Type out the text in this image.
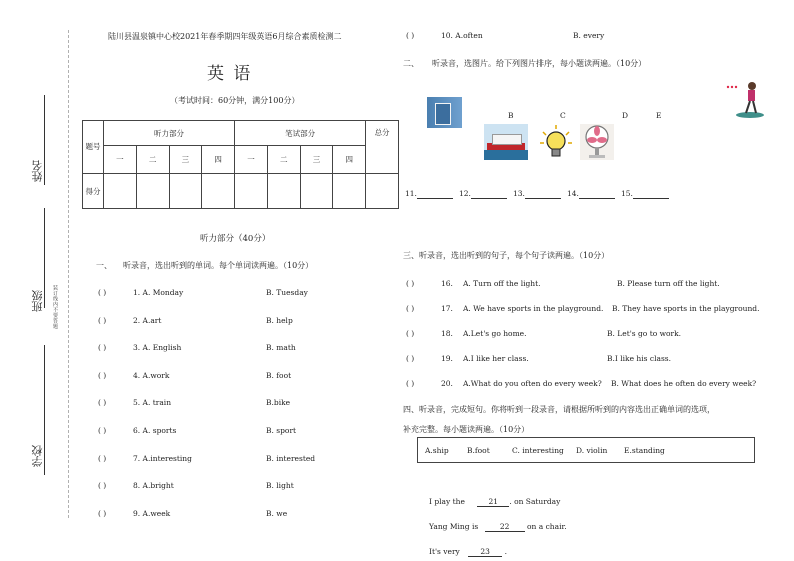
姓名
班级
学校
装订线内不要答题
陆川县温泉镇中心校2021年春季期四年级英语6月综合素质检测二
英 语
（考试时间：60分钟，满分100分）
题号	听力部分				笔试部分				总分
	一	二	三	四	一	二	三	四	
得分									
听力部分（40分）
一、 听录音，选出听到的单词。每个单词读两遍。（10分）
( )	1. A. Monday	B. Tuesday
( )	2. A.art	B. help
( )	3. A. English	B. math
( )	4. A.work	B. foot
( )	5. A. train	B.bike
( )	6. A. sports	B. sport
( )	7. A.interesting	B. interested
( )	8. A.bright	B. light
( )	9. A.week	B. we
( )	10. A.often	B. every
二、 听录音，选图片。给下列图片排序，每小题读两遍。（10分）
B	C	D	E
11.	12.	13.	14.	15.
三、听录音，选出听到的句子，每个句子读两遍。（10分）
( )	16. A. Turn off the light.	B. Please turn off the light.
( )	17. A. We have sports in the playground. B. They have sports in the playground.
( )	18. A.Let's go home.	B. Let's go to work.
( )	19. A.I like her class.	B.I like his class.
( )	20. A.What do you often do every week? B. What does he often do every week?
四、听录音，完成短句。你将听到一段录音，请根据所听到的内容选出正确单词的选项，
补充完整。每小题读两遍。（10分）
A.ship B.foot	C. interesting D. violin E.standing
I play the	21 . on Saturday
Yang Ming is	22 on a chair.
It's very	23 .
